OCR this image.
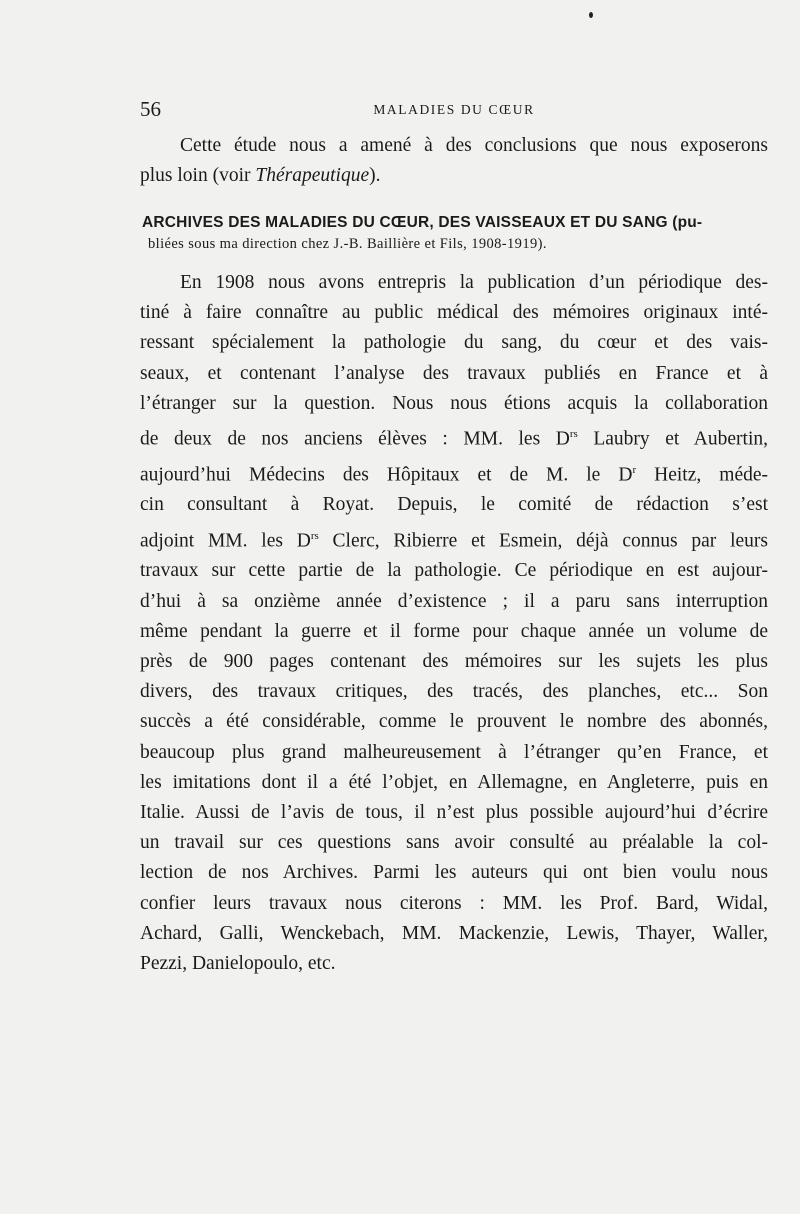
56	MALADIES DU CŒUR
Cette étude nous a amené à des conclusions que nous exposerons
plus loin (voir Thérapeutique).
ARCHIVES DES MALADIES DU CŒUR, DES VAISSEAUX ET DU SANG (pu-
bliées sous ma direction chez J.-B. Baillière et Fils, 1908-1919).
En 1908 nous avons entrepris la publication d’un périodique des-
tiné à faire connaître au public médical des mémoires originaux inté-
ressant spécialement la pathologie du sang, du cœur et des vais-
seaux, et contenant l’analyse des travaux publiés en France et à
l’étranger sur la question. Nous nous étions acquis la collaboration
de deux de nos anciens élèves : MM. les $D^{rs}$ Laubry et Aubertin,
aujourd’hui Médecins des Hôpitaux et de M. le $D^r$ Heitz, méde-
cin consultant à Royat. Depuis, le comité de rédaction s’est
adjoint MM. les $D^{rs}$ Clerc, Ribierre et Esmein, déjà connus par leurs
travaux sur cette partie de la pathologie. Ce périodique en est aujour-
d’hui à sa onzième année d’existence ; il a paru sans interruption
même pendant la guerre et il forme pour chaque année un volume de
près de 900 pages contenant des mémoires sur les sujets les plus
divers, des travaux critiques, des tracés, des planches, etc... Son
succès a été considérable, comme le prouvent le nombre des abonnés,
beaucoup plus grand malheureusement à l’étranger qu’en France, et
les imitations dont il a été l’objet, en Allemagne, en Angleterre, puis en
Italie. Aussi de l’avis de tous, il n’est plus possible aujourd’hui d’écrire
un travail sur ces questions sans avoir consulté au préalable la col-
lection de nos Archives. Parmi les auteurs qui ont bien voulu nous
confier leurs travaux nous citerons : MM. les Prof. Bard, Widal,
Achard, Galli, Wenckebach, MM. Mackenzie, Lewis, Thayer, Waller,
Pezzi, Danielopoulo, etc.
